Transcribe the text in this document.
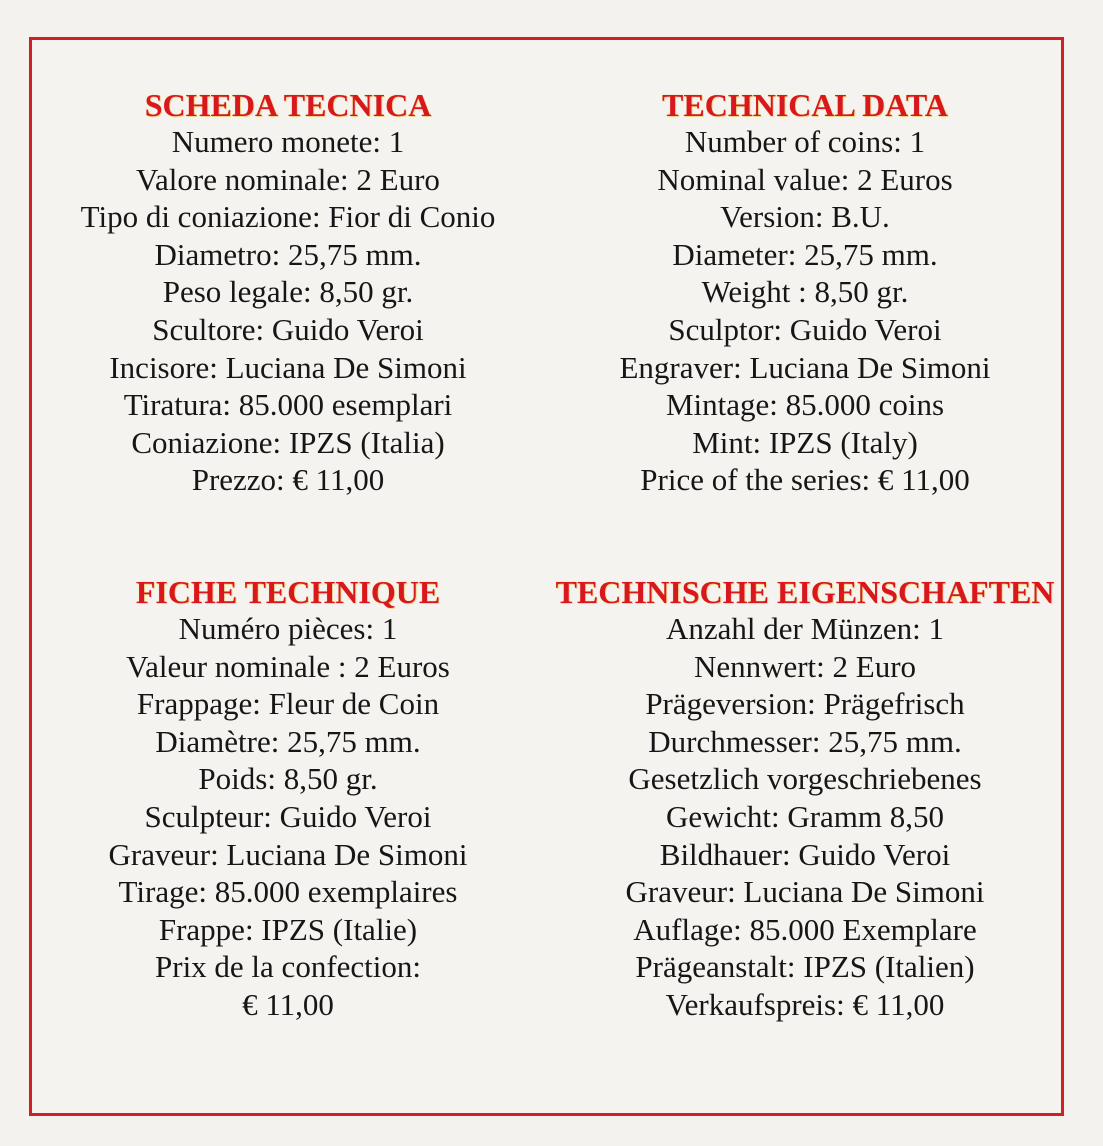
SCHEDA TECNICA
Numero monete: 1
Valore nominale: 2 Euro
Tipo di coniazione: Fior di Conio
Diametro: 25,75 mm.
Peso legale: 8,50 gr.
Scultore: Guido Veroi
Incisore: Luciana De Simoni
Tiratura: 85.000 esemplari
Coniazione: IPZS (Italia)
Prezzo: € 11,00
TECHNICAL DATA
Number of coins: 1
Nominal value: 2 Euros
Version: B.U.
Diameter: 25,75 mm.
Weight : 8,50 gr.
Sculptor: Guido Veroi
Engraver: Luciana De Simoni
Mintage: 85.000 coins
Mint: IPZS (Italy)
Price of the series: € 11,00
FICHE TECHNIQUE
Numéro pièces: 1
Valeur nominale : 2 Euros
Frappage: Fleur de Coin
Diamètre: 25,75 mm.
Poids: 8,50 gr.
Sculpteur: Guido Veroi
Graveur: Luciana De Simoni
Tirage: 85.000 exemplaires
Frappe: IPZS (Italie)
Prix de la confection:
€ 11,00
TECHNISCHE EIGENSCHAFTEN
Anzahl der Münzen: 1
Nennwert: 2 Euro
Prägeversion: Prägefrisch
Durchmesser: 25,75 mm.
Gesetzlich vorgeschriebenes
Gewicht: Gramm 8,50
Bildhauer: Guido Veroi
Graveur: Luciana De Simoni
Auflage: 85.000 Exemplare
Prägeanstalt: IPZS (Italien)
Verkaufspreis: € 11,00
